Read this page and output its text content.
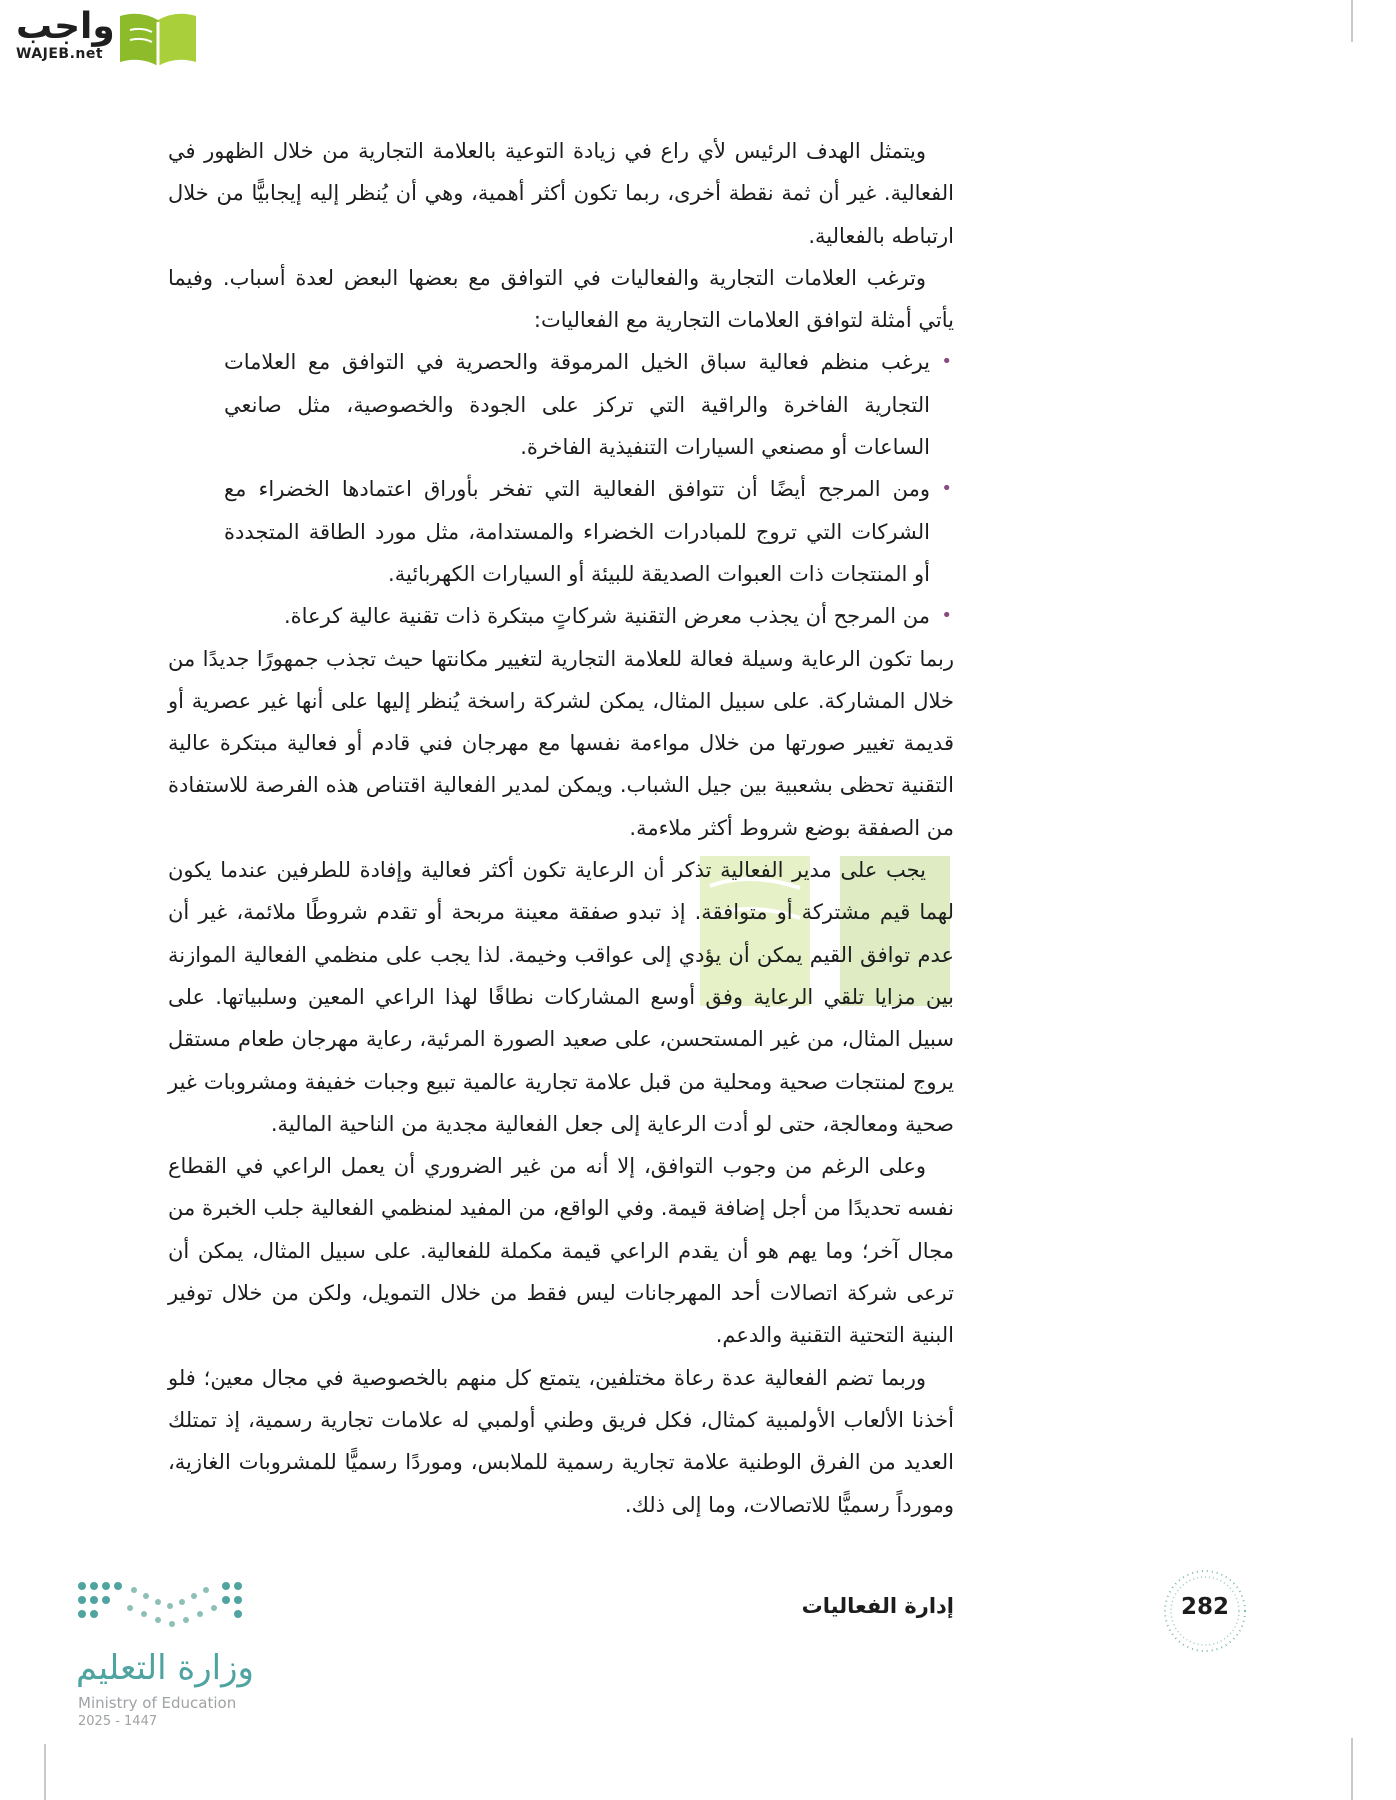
واجب
WAJEB.net

ويتمثل الهدف الرئيس لأي راع في زيادة التوعية بالعلامة التجارية من خلال الظهور في الفعالية. غير أن ثمة نقطة أخرى، ربما تكون أكثر أهمية، وهي أن يُنظر إليه إيجابيًّا من خلال ارتباطه بالفعالية.

وترغب العلامات التجارية والفعاليات في التوافق مع بعضها البعض لعدة أسباب. وفيما يأتي أمثلة لتوافق العلامات التجارية مع الفعاليات:

•
يرغب منظم فعالية سباق الخيل المرموقة والحصرية في التوافق مع العلامات التجارية الفاخرة والراقية التي تركز على الجودة والخصوصية، مثل صانعي الساعات أو مصنعي السيارات التنفيذية الفاخرة.
•
ومن المرجح أيضًا أن تتوافق الفعالية التي تفخر بأوراق اعتمادها الخضراء مع الشركات التي تروج للمبادرات الخضراء والمستدامة، مثل مورد الطاقة المتجددة أو المنتجات ذات العبوات الصديقة للبيئة أو السيارات الكهربائية.
•
من المرجح أن يجذب معرض التقنية شركاتٍ مبتكرة ذات تقنية عالية كرعاة.

ربما تكون الرعاية وسيلة فعالة للعلامة التجارية لتغيير مكانتها حيث تجذب جمهورًا جديدًا من خلال المشاركة. على سبيل المثال، يمكن لشركة راسخة يُنظر إليها على أنها غير عصرية أو قديمة تغيير صورتها من خلال مواءمة نفسها مع مهرجان فني قادم أو فعالية مبتكرة عالية التقنية تحظى بشعبية بين جيل الشباب. ويمكن لمدير الفعالية اقتناص هذه الفرصة للاستفادة من الصفقة بوضع شروط أكثر ملاءمة.

يجب على مدير الفعالية تذكر أن الرعاية تكون أكثر فعالية وإفادة للطرفين عندما يكون لهما قيم مشتركة أو متوافقة. إذ تبدو صفقة معينة مربحة أو تقدم شروطًا ملائمة، غير أن عدم توافق القيم يمكن أن يؤدي إلى عواقب وخيمة. لذا يجب على منظمي الفعالية الموازنة بين مزايا تلقي الرعاية وفق أوسع المشاركات نطاقًا لهذا الراعي المعين وسلبياتها. على سبيل المثال، من غير المستحسن، على صعيد الصورة المرئية، رعاية مهرجان طعام مستقل يروج لمنتجات صحية ومحلية من قبل علامة تجارية عالمية تبيع وجبات خفيفة ومشروبات غير صحية ومعالجة، حتى لو أدت الرعاية إلى جعل الفعالية مجدية من الناحية المالية.

وعلى الرغم من وجوب التوافق، إلا أنه من غير الضروري أن يعمل الراعي في القطاع نفسه تحديدًا من أجل إضافة قيمة. وفي الواقع، من المفيد لمنظمي الفعالية جلب الخبرة من مجال آخر؛ وما يهم هو أن يقدم الراعي قيمة مكملة للفعالية. على سبيل المثال، يمكن أن ترعى شركة اتصالات أحد المهرجانات ليس فقط من خلال التمويل، ولكن من خلال توفير البنية التحتية التقنية والدعم.

وربما تضم الفعالية عدة رعاة مختلفين، يتمتع كل منهم بالخصوصية في مجال معين؛ فلو أخذنا الألعاب الأولمبية كمثال، فكل فريق وطني أولمبي له علامات تجارية رسمية، إذ تمتلك العديد من الفرق الوطنية علامة تجارية رسمية للملابس، وموردًا رسميًّا للمشروبات الغازية، ومورداً رسميًّا للاتصالات، وما إلى ذلك.

إدارة الفعاليات	282
وزارة التعليم
Ministry of Education
2025 - 1447
